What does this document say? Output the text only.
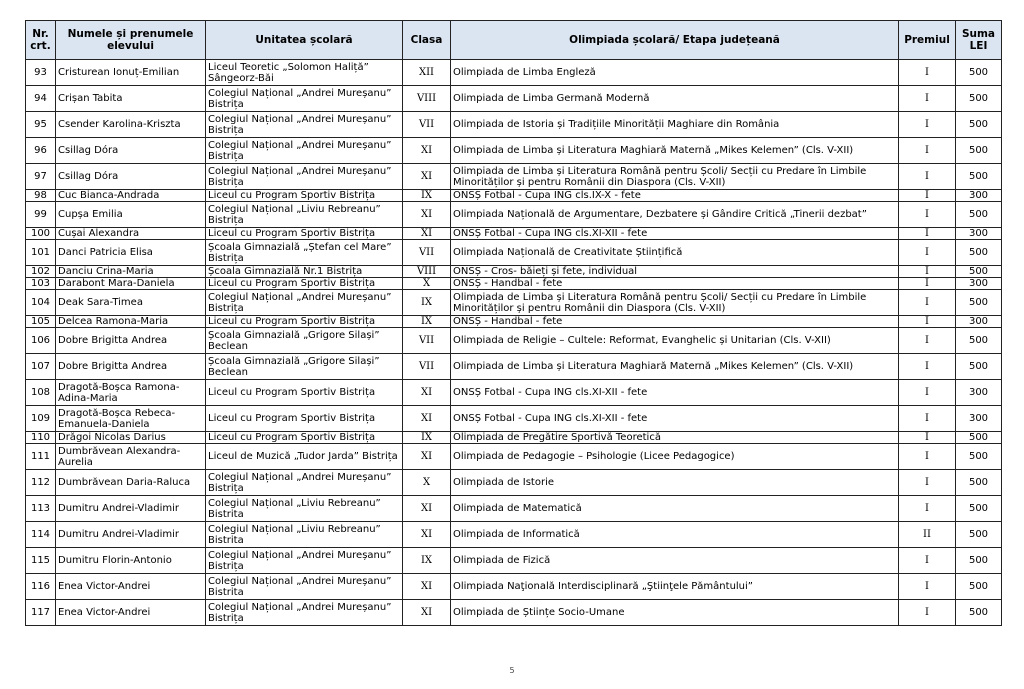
Nr. crt.	Numele și prenumele elevului	Unitatea școlară	Clasa	Olimpiada școlară/ Etapa județeană	Premiul	Suma LEI
93	Cristurean Ionuț-Emilian	Liceul Teoretic „Solomon Haliță” Sângeorz-Băi	XII	Olimpiada de Limba Engleză	I	500
94	Crișan Tabita	Colegiul Național „Andrei Mureșanu” Bistrița	VIII	Olimpiada de Limba Germană Modernă	I	500
95	Csender Karolina-Kriszta	Colegiul Național „Andrei Mureșanu” Bistrița	VII	Olimpiada de Istoria și Tradițiile Minorității Maghiare din România	I	500
96	Csillag Dóra	Colegiul Național „Andrei Mureșanu” Bistrița	XI	Olimpiada de Limba și Literatura Maghiară Maternă „Mikes Kelemen” (Cls. V-XII)	I	500
97	Csillag Dóra	Colegiul Național „Andrei Mureșanu” Bistrița	XI	Olimpiada de Limba și Literatura Română pentru Școli/ Secții cu Predare în Limbile Minorităților și pentru Românii din Diaspora (Cls. V-XII)	I	500
98	Cuc Bianca-Andrada	Liceul cu Program Sportiv Bistrița	IX	ONSȘ Fotbal - Cupa ING cls.IX-X - fete	I	300
99	Cupșa Emilia	Colegiul Național „Liviu Rebreanu” Bistrița	XI	Olimpiada Națională de Argumentare, Dezbatere și Gândire Critică „Tinerii dezbat”	I	500
100	Cușai Alexandra	Liceul cu Program Sportiv Bistrița	XI	ONSȘ Fotbal - Cupa ING cls.XI-XII - fete	I	300
101	Danci Patricia Elisa	Școala Gimnazială „Ștefan cel Mare” Bistrița	VII	Olimpiada Națională de Creativitate Științifică	I	500
102	Danciu Crina-Maria	Școala Gimnazială Nr.1 Bistrița	VIII	ONSȘ - Cros- băieți și fete, individual	I	500
103	Darabont Mara-Daniela	Liceul cu Program Sportiv Bistrița	X	ONSȘ - Handbal - fete	I	300
104	Deak Sara-Timea	Colegiul Național „Andrei Mureșanu” Bistrița	IX	Olimpiada de Limba și Literatura Română pentru Școli/ Secții cu Predare în Limbile Minorităților și pentru Românii din Diaspora (Cls. V-XII)	I	500
105	Delcea Ramona-Maria	Liceul cu Program Sportiv Bistrița	IX	ONSȘ - Handbal - fete	I	300
106	Dobre Brigitta Andrea	Școala Gimnazială „Grigore Silași” Beclean	VII	Olimpiada de Religie – Cultele: Reformat, Evanghelic și Unitarian (Cls. V-XII)	I	500
107	Dobre Brigitta Andrea	Școala Gimnazială „Grigore Silași” Beclean	VII	Olimpiada de Limba și Literatura Maghiară Maternă „Mikes Kelemen” (Cls. V-XII)	I	500
108	Dragotă-Boșca Ramona-Adina-Maria	Liceul cu Program Sportiv Bistrița	XI	ONSȘ Fotbal - Cupa ING cls.XI-XII - fete	I	300
109	Dragotă-Boșca Rebeca-Emanuela-Daniela	Liceul cu Program Sportiv Bistrița	XI	ONSȘ Fotbal - Cupa ING cls.XI-XII - fete	I	300
110	Drăgoi Nicolas Darius	Liceul cu Program Sportiv Bistrița	IX	Olimpiada de Pregătire Sportivă Teoretică	I	500
111	Dumbrăvean Alexandra-Aurelia	Liceul de Muzică „Tudor Jarda” Bistrița	XI	Olimpiada de Pedagogie – Psihologie (Licee Pedagogice)	I	500
112	Dumbrăvean Daria-Raluca	Colegiul Național „Andrei Mureșanu” Bistrița	X	Olimpiada de Istorie	I	500
113	Dumitru Andrei-Vladimir	Colegiul Național „Liviu Rebreanu” Bistrita	XI	Olimpiada de Matematică	I	500
114	Dumitru Andrei-Vladimir	Colegiul Național „Liviu Rebreanu” Bistrita	XI	Olimpiada de Informatică	II	500
115	Dumitru Florin-Antonio	Colegiul Național „Andrei Mureșanu” Bistrița	IX	Olimpiada de Fizică	I	500
116	Enea Victor-Andrei	Colegiul Național „Andrei Mureșanu” Bistrita	XI	Olimpiada Naţională Interdisciplinară „Ştiinţele Pământului”	I	500
117	Enea Victor-Andrei	Colegiul Național „Andrei Mureșanu” Bistrița	XI	Olimpiada de Științe Socio-Umane	I	500
5
